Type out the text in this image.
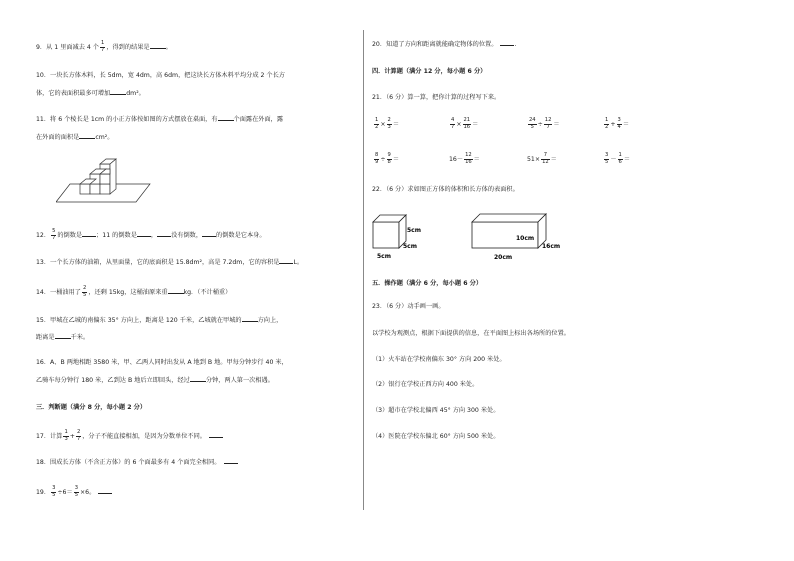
9．从 1 里面减去 4 个 $\frac{1}{7}$ ，得到的结果是	。
10．一块长方体木料，长 5dm，宽 4dm，高 6dm，把这块长方体木料平均分成 2 个长方
体，它的表面积最多可增加	dm²。
11．将 6 个棱长是 1cm 的小正方体按如图的方式摆放在桌面，有	个面露在外面，露
在外面的面积是	cm²。
12． $\frac{5}{7}$ 的倒数是 ；11 的倒数是 ， 没有倒数， 的倒数是它本身。
13．一个长方体的油箱，从里面量，它的底面积是 15.8dm²，高是 7.2dm，它的容积是 L。
14．一桶油用了 $\frac{2}{5}$ ，还剩 15kg，这桶油原来重	kg．（不计桶重）
15．甲城在乙城的南偏东 35° 方向上，距离是 120 千米，乙城就在甲城的	方向上，
距离是	千米。
16．A、B 两地相距 3580 米，甲、乙两人同时出发从 A 地到 B 地。甲每分钟步行 40 米，
乙骑车每分钟行 180 米，乙到达 B 地后立即回头，经过	分钟，两人第一次相遇。
三．判断题（满分 8 分，每小题 2 分）
17．计算 $\frac{1}{3} + \frac{2}{7}$ ，分子不能直接相加，是因为分数单位不同。
18．围成长方体（不含正方体）的 6 个面最多有 4 个面完全相同。
19． $\frac{3}{5} \div 6= \frac{3}{5} \times 6$。
20．知道了方向和距离就能确定物体的位置。	.
四．计算题（满分 12 分，每小题 6 分）
21．（6 分）算一算，把你计算的过程写下来。
$\frac{1}{2} \times \frac{2}{3}$ ＝	$\frac{4}{7} \times \frac{21}{16}$ ＝	$\frac{24}{5} \div \frac{12}{7}$ ＝	$\frac{1}{2} + \frac{3}{4}$ ＝
$\frac{8}{9} \div \frac{9}{8}$ ＝	$16- \frac{12}{16}$ ＝	$51\times \frac{7}{12}$ ＝	$\frac{3}{5} - \frac{1}{6}$ ＝
22．（6 分）求如图正方体的体积和长方体的表面积。
5cm
5cm
5cm
10cm
16cm
20cm
五．操作题（满分 6 分，每小题 6 分）
23．（6 分）动手画一画。
以学校为观测点，根据下面提供的信息，在平面图上标出各场所的位置。
（1）火车站在学校南偏东 30° 方向 200 米处。
（2）银行在学校正西方向 400 米处。
（3）超市在学校北偏西 45° 方向 300 米处。
（4）医院在学校东偏北 60° 方向 500 米处。
